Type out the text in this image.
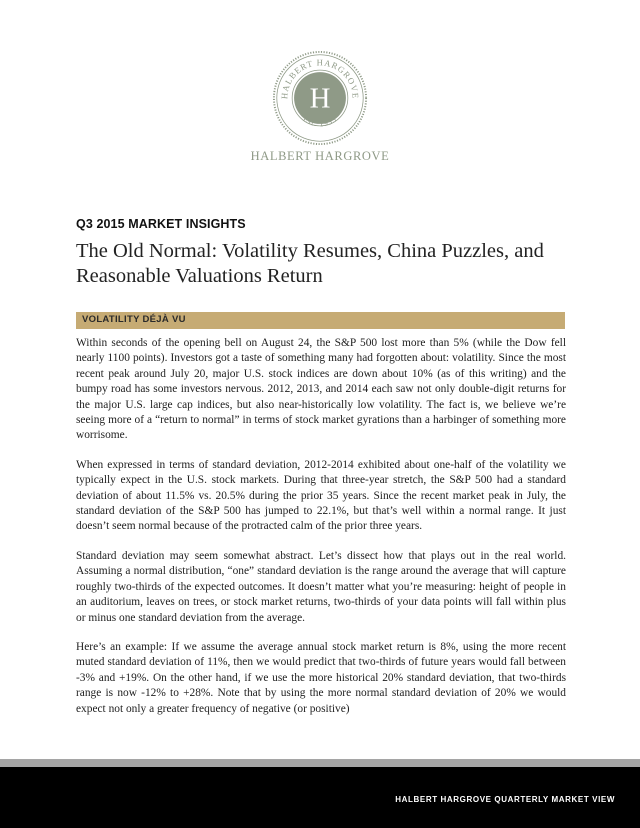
HALBERT HARGROVE
H
Est. 1933
HALBERT HARGROVE
Q3 2015 MARKET INSIGHTS
The Old Normal: Volatility Resumes, China Puzzles, and Reasonable Valuations Return
VOLATILITY DÉJÀ VU

Within seconds of the opening bell on August 24, the S&P 500 lost more than 5% (while the Dow fell nearly 1100 points). Investors got a taste of something many had forgotten about: volatility. Since the most recent peak around July 20, major U.S. stock indices are down about 10% (as of this writing) and the bumpy road has some investors nervous. 2012, 2013, and 2014 each saw not only double-digit returns for the major U.S. large cap indices, but also near-historically low volatility. The fact is, we believe we’re seeing more of a “return to normal” in terms of stock market gyrations than a harbinger of something more worrisome.

When expressed in terms of standard deviation, 2012-2014 exhibited about one-half of the volatility we typically expect in the U.S. stock markets. During that three-year stretch, the S&P 500 had a standard deviation of about 11.5% vs. 20.5% during the prior 35 years. Since the recent market peak in July, the standard deviation of the S&P 500 has jumped to 22.1%, but that’s well within a normal range. It just doesn’t seem normal because of the protracted calm of the prior three years.

Standard deviation may seem somewhat abstract. Let’s dissect how that plays out in the real world. Assuming a normal distribution, “one” standard deviation is the range around the average that will capture roughly two-thirds of the expected outcomes. It doesn’t matter what you’re measuring: height of people in an auditorium, leaves on trees, or stock market returns, two-thirds of your data points will fall within plus or minus one standard deviation from the average.

Here’s an example: If we assume the average annual stock market return is 8%, using the more recent muted standard deviation of 11%, then we would predict that two-thirds of future years would fall between -3% and +19%. On the other hand, if we use the more historical 20% standard deviation, that two-thirds range is now -12% to +28%. Note that by using the more normal standard deviation of 20% we would expect not only a greater frequency of negative (or positive)

HALBERT HARGROVE QUARTERLY MARKET VIEW
